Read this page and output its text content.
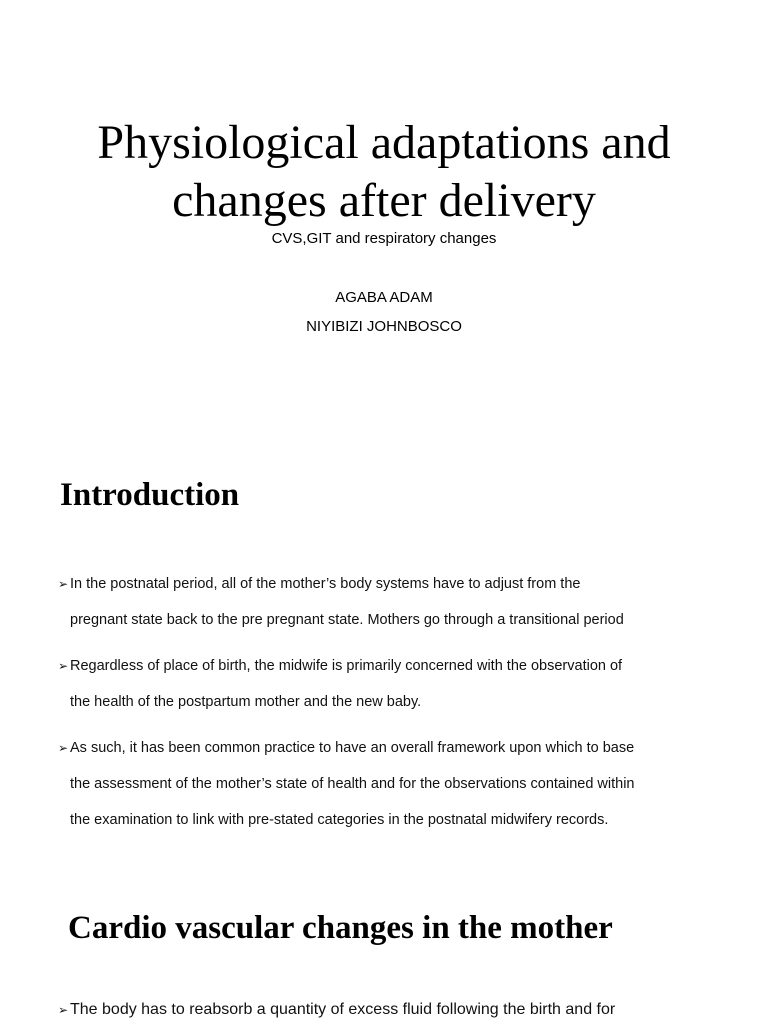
Physiological adaptations and
changes after delivery

CVS,GIT and respiratory changes

AGABA ADAM

NIYIBIZI JOHNBOSCO

Introduction
➢ In the postnatal period, all of the mother’s body systems have to adjust from the
pregnant state back to the pre pregnant state. Mothers go through a transitional period
➢ Regardless of place of birth, the midwife is primarily concerned with the observation of
the health of the postpartum mother and the new baby.
➢ As such, it has been common practice to have an overall framework upon which to base
the assessment of the mother’s state of health and for the observations contained within
the examination to link with pre-stated categories in the postnatal midwifery records.
Cardio vascular changes in the mother
➢ The body has to reabsorb a quantity of excess fluid following the birth and for
